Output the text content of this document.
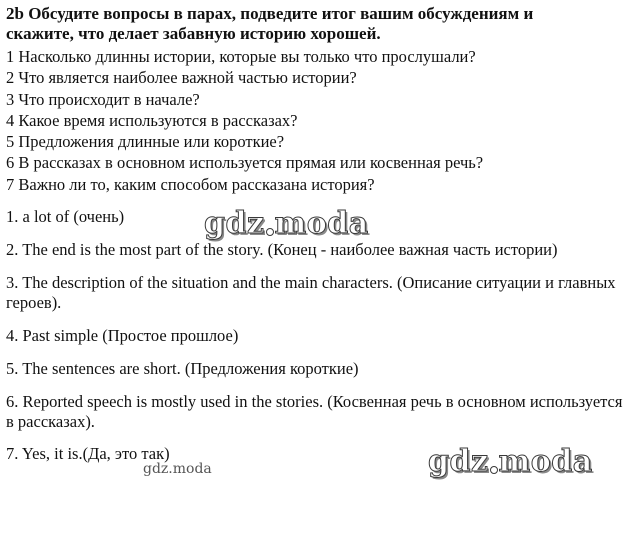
2b Обсудите вопросы в парах, подведите итог вашим обсуждениям и
скажите, что делает забавную историю хорошей.
1 Насколько длинны истории, которые вы только что прослушали?
2 Что является наиболее важной частью истории?
3 Что происходит в начале?
4 Какое время используются в рассказах?
5 Предложения длинные или короткие?
6 В рассказах в основном используется прямая или косвенная речь?
7 Важно ли то, каким способом рассказана история?
1. a lot of (очень)
2. The end is the most part of the story. (Конец - наиболее важная часть истории)
3. The description of the situation and the main characters. (Описание ситуации и главных героев).
4. Past simple (Простое прошлое)
5. The sentences are short. (Предложения короткие)
6. Reported speech is mostly used in the stories. (Косвенная речь в основном используется в рассказах).
7. Yes, it is.(Да, это так)
gdz moda
gdz moda
gdz.moda
